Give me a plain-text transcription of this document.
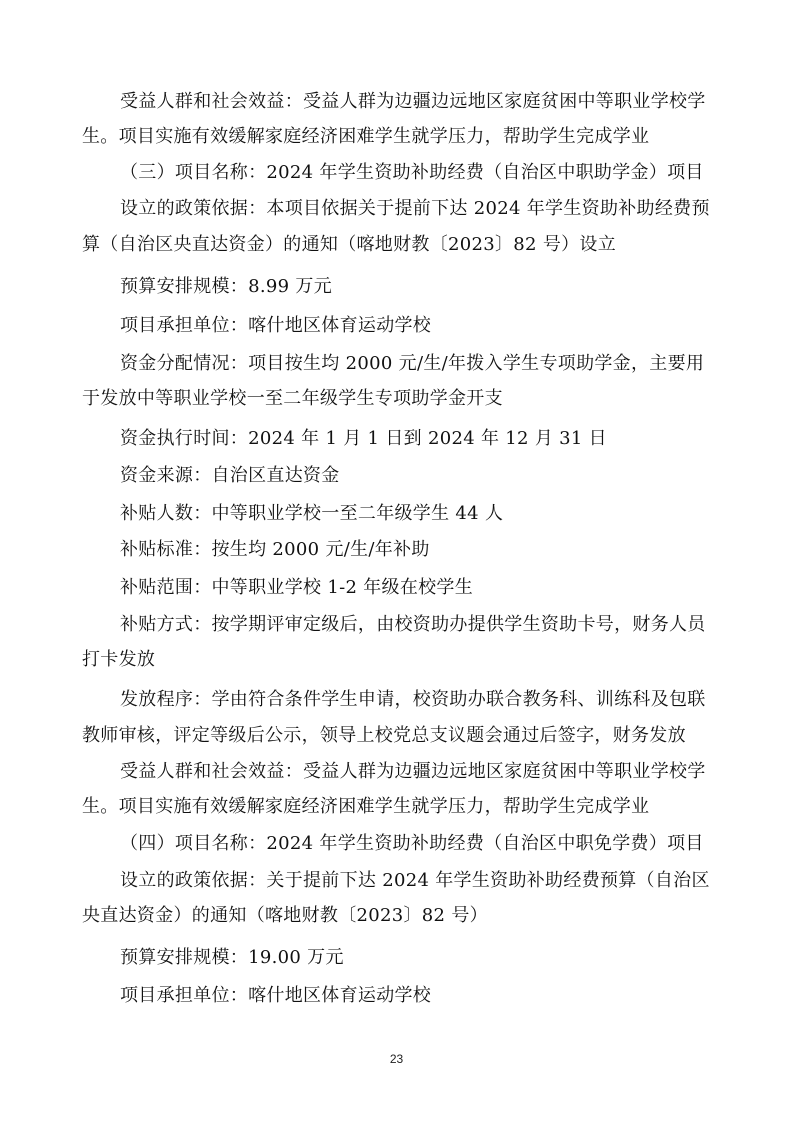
受益人群和社会效益：受益人群为边疆边远地区家庭贫困中等职业学校学
生。项目实施有效缓解家庭经济困难学生就学压力，帮助学生完成学业
（三）项目名称：2024 年学生资助补助经费（自治区中职助学金）项目
设立的政策依据：本项目依据关于提前下达 2024 年学生资助补助经费预
算（自治区央直达资金）的通知（喀地财教〔2023〕82 号）设立
预算安排规模：8.99 万元
项目承担单位：喀什地区体育运动学校
资金分配情况：项目按生均 2000 元/生/年拨入学生专项助学金，主要用
于发放中等职业学校一至二年级学生专项助学金开支
资金执行时间：2024 年 1 月 1 日到 2024 年 12 月 31 日
资金来源：自治区直达资金
补贴人数：中等职业学校一至二年级学生 44 人
补贴标准：按生均 2000 元/生/年补助
补贴范围：中等职业学校 1-2 年级在校学生
补贴方式：按学期评审定级后，由校资助办提供学生资助卡号，财务人员
打卡发放
发放程序：学由符合条件学生申请，校资助办联合教务科、训练科及包联
教师审核，评定等级后公示，领导上校党总支议题会通过后签字，财务发放
受益人群和社会效益：受益人群为边疆边远地区家庭贫困中等职业学校学
生。项目实施有效缓解家庭经济困难学生就学压力，帮助学生完成学业
（四）项目名称：2024 年学生资助补助经费（自治区中职免学费）项目
设立的政策依据：关于提前下达 2024 年学生资助补助经费预算（自治区
央直达资金）的通知（喀地财教〔2023〕82 号）
预算安排规模：19.00 万元
项目承担单位：喀什地区体育运动学校
23
